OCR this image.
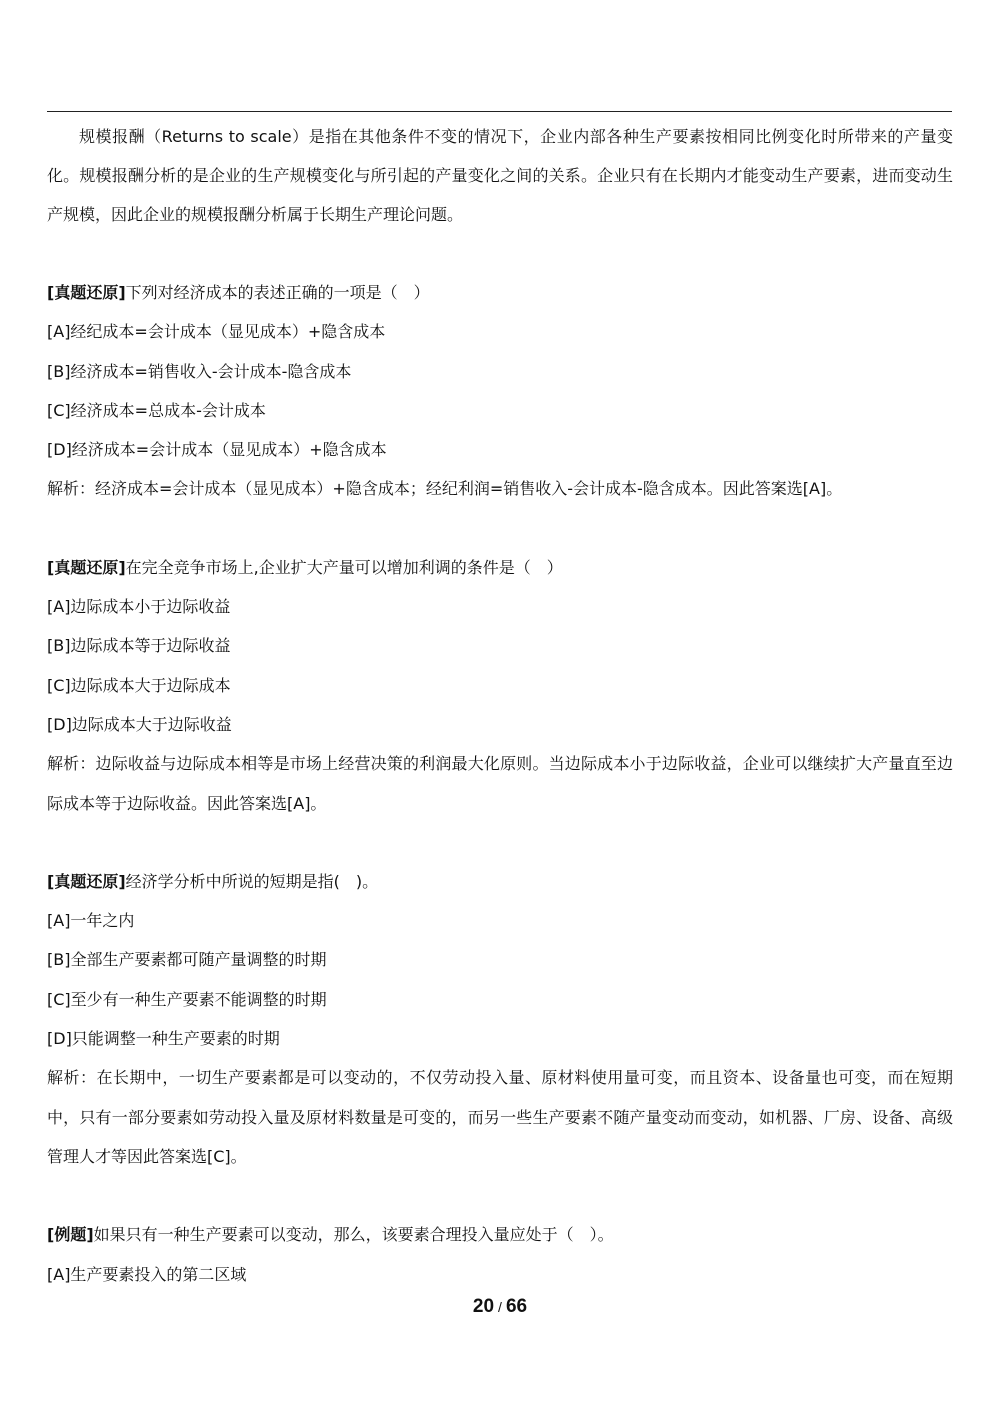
规模报酬（Returns to scale）是指在其他条件不变的情况下，企业内部各种生产要素按相同比例变化时所带来的产量变化。规模报酬分析的是企业的生产规模变化与所引起的产量变化之间的关系。企业只有在长期内才能变动生产要素，进而变动生产规模，因此企业的规模报酬分析属于长期生产理论问题。

[真题还原]下列对经济成本的表述正确的一项是（　）

[A]经纪成本=会计成本（显见成本）+隐含成本

[B]经济成本=销售收入-会计成本-隐含成本

[C]经济成本=总成本-会计成本

[D]经济成本=会计成本（显见成本）+隐含成本

解析：经济成本=会计成本（显见成本）+隐含成本；经纪利润=销售收入-会计成本-隐含成本。因此答案选[A]。

[真题还原]在完全竞争市场上,企业扩大产量可以增加利调的条件是（　）

[A]边际成本小于边际收益

[B]边际成本等于边际收益

[C]边际成本大于边际成本

[D]边际成本大于边际收益

解析：边际收益与边际成本相等是市场上经营决策的利润最大化原则。当边际成本小于边际收益，企业可以继续扩大产量直至边际成本等于边际收益。因此答案选[A]。

[真题还原]经济学分析中所说的短期是指(　)。

[A]一年之内

[B]全部生产要素都可随产量调整的时期

[C]至少有一种生产要素不能调整的时期

[D]只能调整一种生产要素的时期

解析：在长期中，一切生产要素都是可以变动的，不仅劳动投入量、原材料使用量可变，而且资本、设备量也可变，而在短期中，只有一部分要素如劳动投入量及原材料数量是可变的，而另一些生产要素不随产量变动而变动，如机器、厂房、设备、高级管理人才等因此答案选[C]。

[例题]如果只有一种生产要素可以变动，那么，该要素合理投入量应处于（　）。

[A]生产要素投入的第二区域

20 / 66
